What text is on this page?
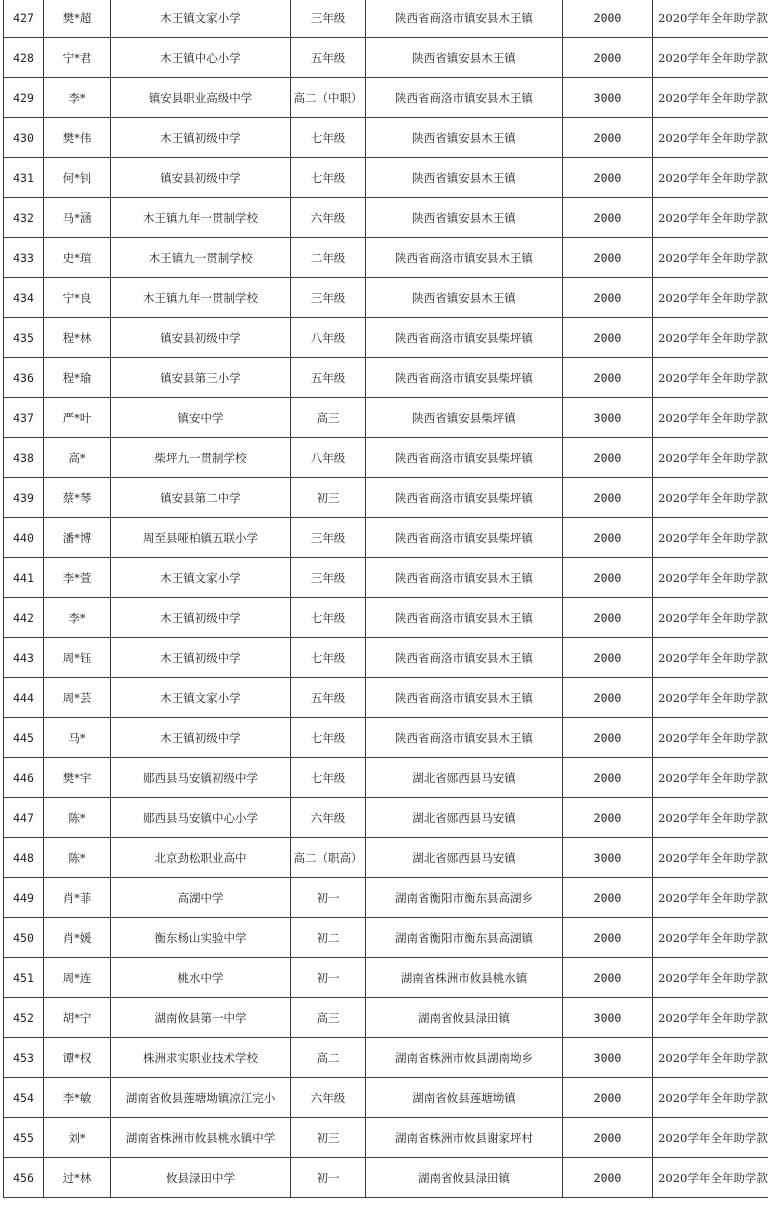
427	樊*超	木王镇文家小学	三年级	陕西省商洛市镇安县木王镇	2000	2020学年全年助学款
428	宁*君	木王镇中心小学	五年级	陕西省镇安县木王镇	2000	2020学年全年助学款
429	李*	镇安县职业高级中学	高二（中职）	陕西省商洛市镇安县木王镇	3000	2020学年全年助学款
430	樊*伟	木王镇初级中学	七年级	陕西省镇安县木王镇	2000	2020学年全年助学款
431	何*钊	镇安县初级中学	七年级	陕西省镇安县木王镇	2000	2020学年全年助学款
432	马*涵	木王镇九年一贯制学校	六年级	陕西省镇安县木王镇	2000	2020学年全年助学款
433	史*瑄	木王镇九一贯制学校	二年级	陕西省商洛市镇安县木王镇	2000	2020学年全年助学款
434	宁*良	木王镇九年一贯制学校	三年级	陕西省镇安县木王镇	2000	2020学年全年助学款
435	程*林	镇安县初级中学	八年级	陕西省商洛市镇安县柴坪镇	2000	2020学年全年助学款
436	程*瑜	镇安县第三小学	五年级	陕西省商洛市镇安县柴坪镇	2000	2020学年全年助学款
437	严*叶	镇安中学	高三	陕西省镇安县柴坪镇	3000	2020学年全年助学款
438	高*	柴坪九一贯制学校	八年级	陕西省商洛市镇安县柴坪镇	2000	2020学年全年助学款
439	蔡*琴	镇安县第二中学	初三	陕西省商洛市镇安县柴坪镇	2000	2020学年全年助学款
440	潘*博	周至县哑柏镇五联小学	三年级	陕西省商洛市镇安县柴坪镇	2000	2020学年全年助学款
441	李*萱	木王镇文家小学	三年级	陕西省商洛市镇安县木王镇	2000	2020学年全年助学款
442	李*	木王镇初级中学	七年级	陕西省商洛市镇安县木王镇	2000	2020学年全年助学款
443	周*钰	木王镇初级中学	七年级	陕西省商洛市镇安县木王镇	2000	2020学年全年助学款
444	周*芸	木王镇文家小学	五年级	陕西省商洛市镇安县木王镇	2000	2020学年全年助学款
445	马*	木王镇初级中学	七年级	陕西省商洛市镇安县木王镇	2000	2020学年全年助学款
446	樊*宇	郧西县马安镇初级中学	七年级	湖北省郧西县马安镇	2000	2020学年全年助学款
447	陈*	郧西县马安镇中心小学	六年级	湖北省郧西县马安镇	2000	2020学年全年助学款
448	陈*	北京劲松职业高中	高二（职高）	湖北省郧西县马安镇	3000	2020学年全年助学款
449	肖*菲	高湖中学	初一	湖南省衡阳市衡东县高湖乡	2000	2020学年全年助学款
450	肖*媛	衡东杨山实验中学	初二	湖南省衡阳市衡东县高湖镇	2000	2020学年全年助学款
451	周*连	桃水中学	初一	湖南省株洲市攸县桃水镇	2000	2020学年全年助学款
452	胡*宁	湖南攸县第一中学	高三	湖南省攸县渌田镇	3000	2020学年全年助学款
453	谭*权	株洲求实职业技术学校	高二	湖南省株洲市攸县湖南坳乡	3000	2020学年全年助学款
454	李*敏	湖南省攸县莲塘坳镇凉江完小	六年级	湖南省攸县莲塘坳镇	2000	2020学年全年助学款
455	刘*	湖南省株洲市攸县桃水镇中学	初三	湖南省株洲市攸县谢家坪村	2000	2020学年全年助学款
456	过*林	攸县渌田中学	初一	湖南省攸县渌田镇	2000	2020学年全年助学款
